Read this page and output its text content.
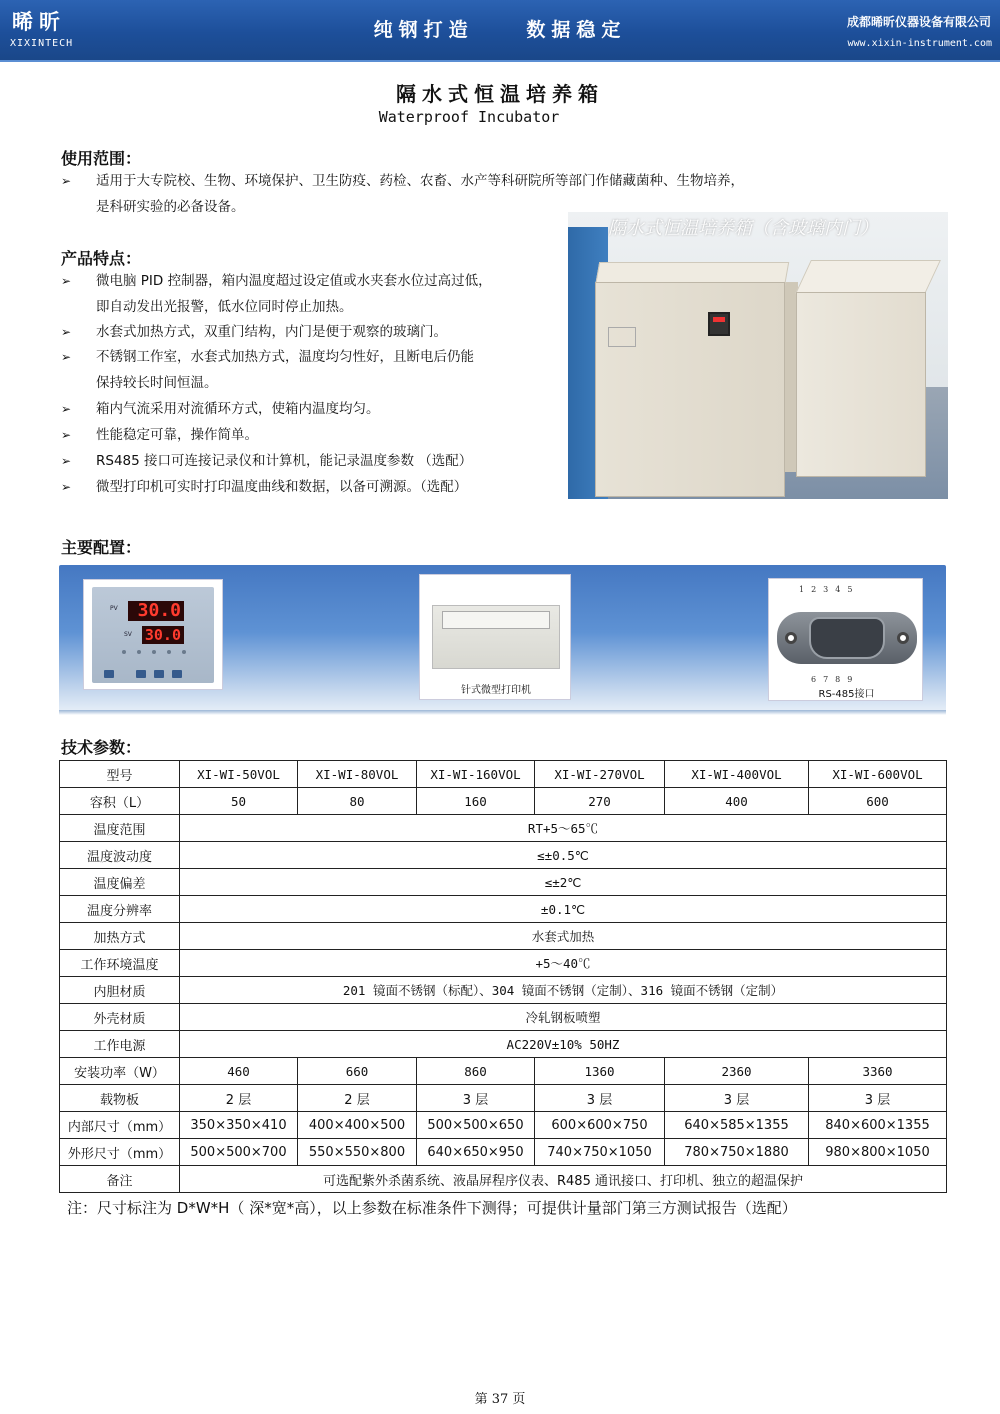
晞昕
XIXINTECH
纯钢打造	数据稳定	成都晞昕仪器设备有限公司
www.xixin-instrument.com
隔水式恒温培养箱
Waterproof Incubator
使用范围：
➢ 适用于大专院校、生物、环境保护、卫生防疫、药检、农畜、水产等科研院所等部门作储藏菌种、生物培养，
是科研实验的必备设备。
产品特点：
➢ 微电脑 PID 控制器，箱内温度超过设定值或水夹套水位过高过低，
即自动发出光报警，低水位同时停止加热。
➢ 水套式加热方式，双重门结构，内门是便于观察的玻璃门。
➢ 不锈钢工作室，水套式加热方式，温度均匀性好，且断电后仍能
保持较长时间恒温。
➢ 箱内气流采用对流循环方式，使箱内温度均匀。
➢ 性能稳定可靠，操作简单。
➢ RS485 接口可连接记录仪和计算机，能记录温度参数 （选配）
➢ 微型打印机可实时打印温度曲线和数据，以备可溯源。（选配）
隔水式恒温培养箱（含玻璃内门）
主要配置：
PV
SV
30.0
30.0
针式微型打印机
12345
6789
RS-485接口
技术参数：
型号	XI-WI-50VOL	XI-WI-80VOL	XI-WI-160VOL	XI-WI-270VOL	XI-WI-400VOL	XI-WI-600VOL
容积（L）	50	80	160	270	400	600
温度范围	RT+5～65℃					
温度波动度	≤±0.5℃					
温度偏差	≤±2℃					
温度分辨率	±0.1℃					
加热方式	水套式加热					
工作环境温度	+5～40℃					
内胆材质	201 镜面不锈钢（标配）、304 镜面不锈钢（定制）、316 镜面不锈钢（定制）					
外壳材质	冷轧钢板喷塑					
工作电源	AC220V±10% 50HZ					
安装功率（W）	460	660	860	1360	2360	3360
载物板	2 层	2 层	3 层	3 层	3 层	3 层
内部尺寸（mm）	350×350×410	400×400×500	500×500×650	600×600×750	640×585×1355	840×600×1355
外形尺寸（mm）	500×500×700	550×550×800	640×650×950	740×750×1050	780×750×1880	980×800×1050
备注	可选配紫外杀菌系统、液晶屏程序仪表、R485 通讯接口、打印机、独立的超温保护					
注：尺寸标注为 D*W*H（ 深*宽*高），以上参数在标准条件下测得；可提供计量部门第三方测试报告（选配）
第 37 页
